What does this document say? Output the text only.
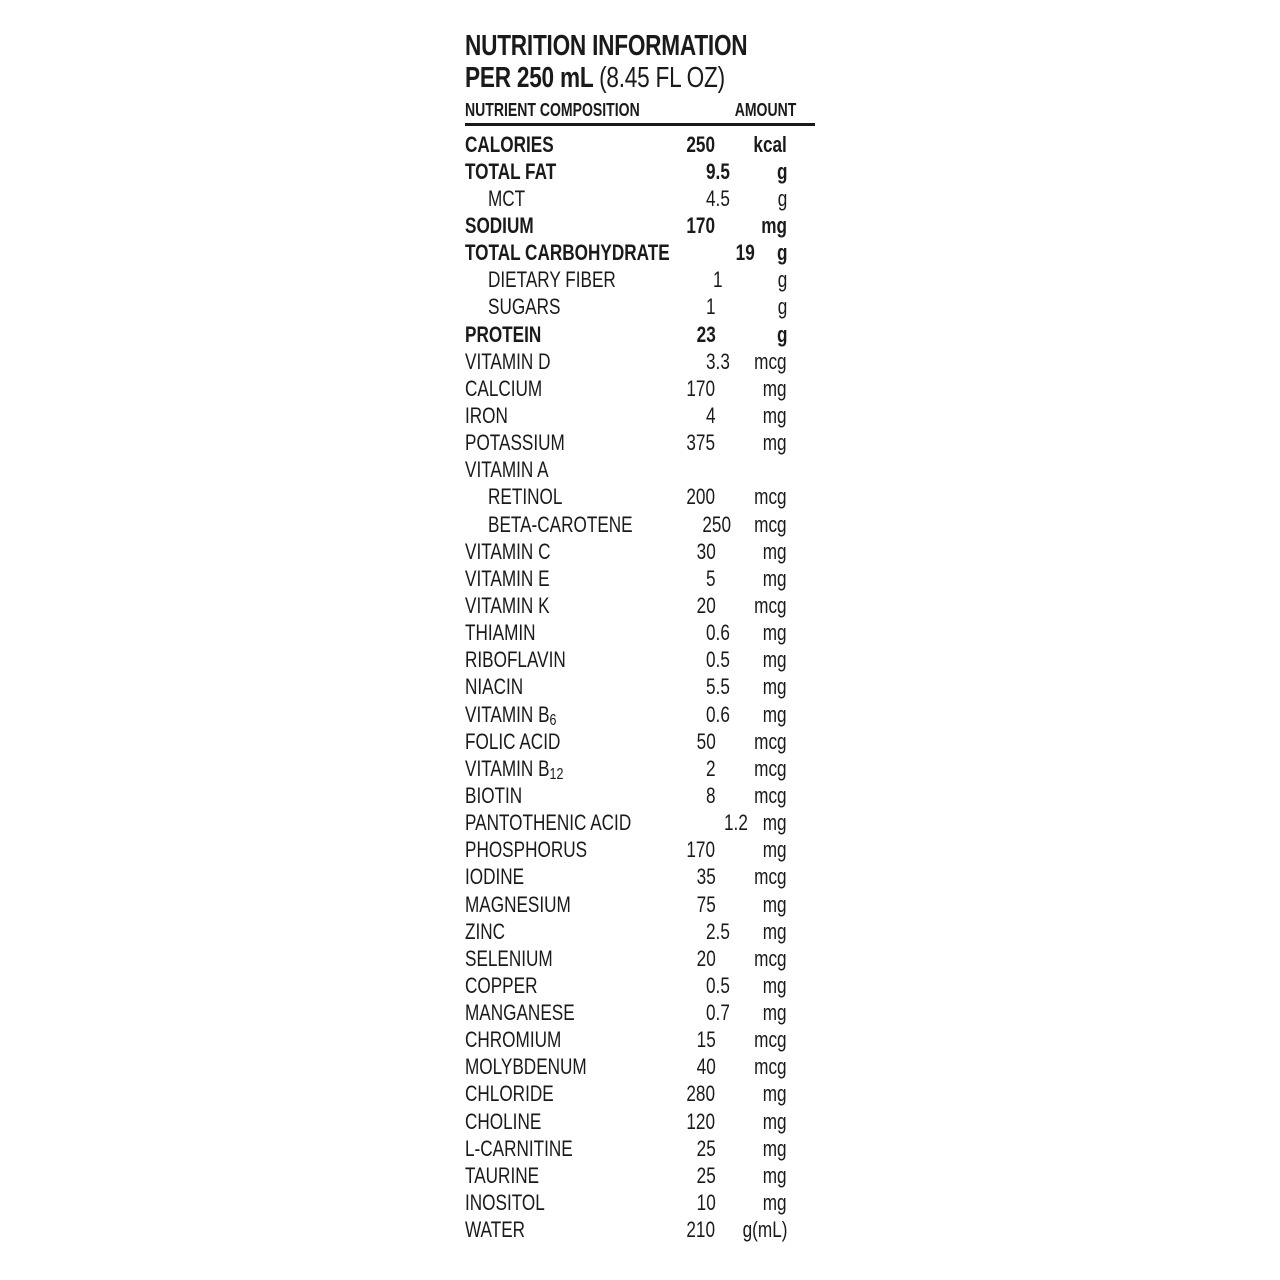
NUTRITION INFORMATION
PER 250 mL (8.45 FL OZ)
NUTRIENT COMPOSITION	AMOUNT
CALORIES	250 kcal
TOTAL FAT	9 .5 g
MCT	4 .5 g
SODIUM	170 mg
TOTAL CARBOHYDRATE	19 g
DIETARY FIBER	1 g
SUGARS	1	g
PROTEIN	23	g
VITAMIN D	3 .3 mcg
CALCIUM	170 mg
IRON	4 mg
POTASSIUM	375 mg
VITAMIN A
RETINOL	200 mcg
BETA-CAROTENE	250 mcg
VITAMIN C	30 mg
VITAMIN E	5 mg
VITAMIN K	20 mcg
THIAMIN	0 .6 mg
RIBOFLAVIN	0 .5 mg
NIACIN	5 .5 mg
VITAMIN B6	0 .6 mg
FOLIC ACID	50 mcg
VITAMIN B12	2 mcg
BIOTIN	8 mcg
PANTOTHENIC ACID	1 .2 mg
PHOSPHORUS	170 mg
IODINE	35 mcg
MAGNESIUM	75 mg
ZINC	2 .5 mg
SELENIUM	20 mcg
COPPER	0 .5 mg
MANGANESE	0 .7 mg
CHROMIUM	15 mcg
MOLYBDENUM	40 mcg
CHLORIDE	280 mg
CHOLINE	120 mg
L-CARNITINE	25 mg
TAURINE	25 mg
INOSITOL	10 mg
WATER	210 g(mL)
